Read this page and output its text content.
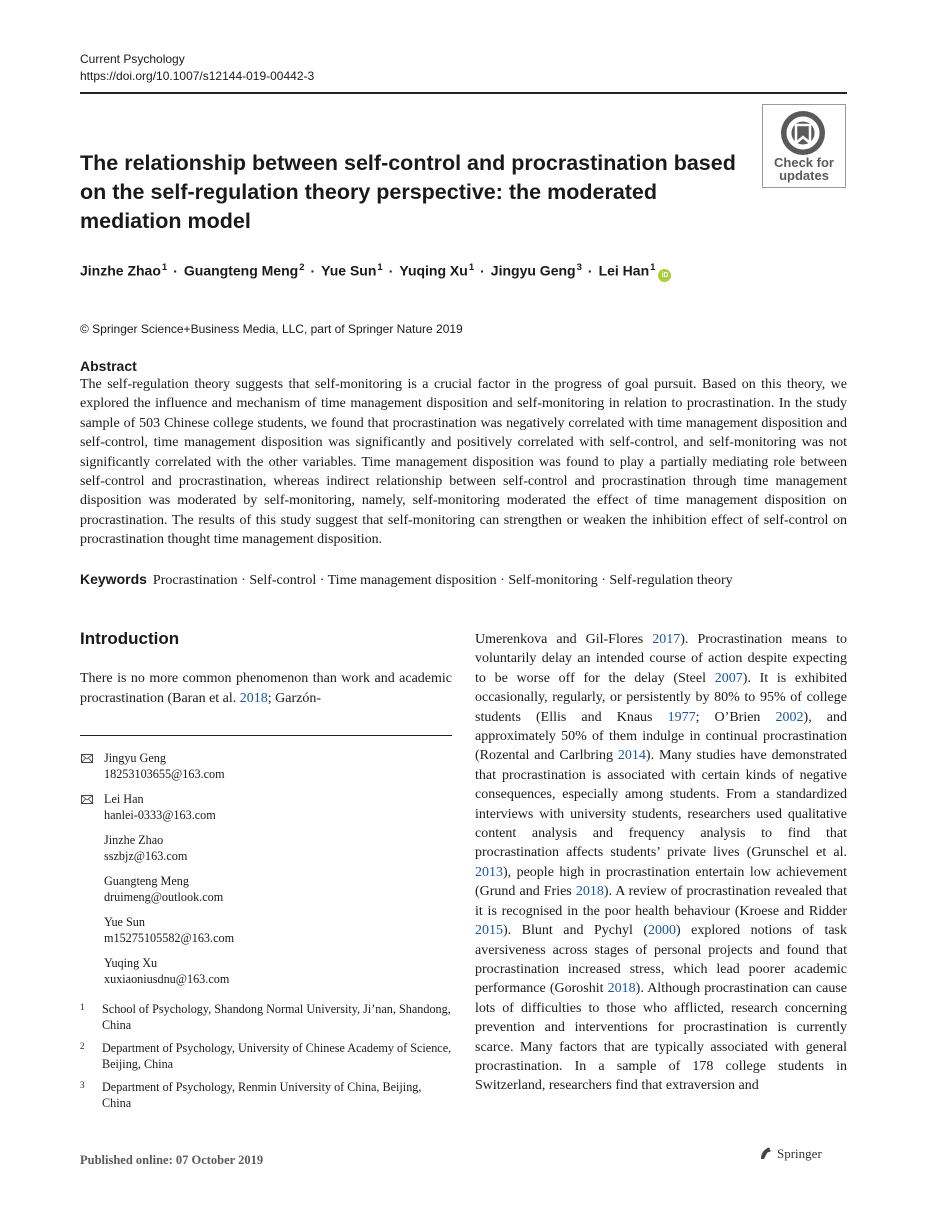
Current Psychology
https://doi.org/10.1007/s12144-019-00442-3
Check for updates
The relationship between self-control and procrastination based on the self-regulation theory perspective: the moderated mediation model
Jinzhe Zhao$^1$ · Guangteng Meng$^2$ · Yue Sun$^1$ · Yuqing $Xu^1$ · Jingyu Geng$^3$ · Lei Han$^1$iD
© Springer Science+Business Media, LLC, part of Springer Nature 2019
Abstract
The self-regulation theory suggests that self-monitoring is a crucial factor in the progress of goal pursuit. Based on this theory, we explored the influence and mechanism of time management disposition and self-monitoring in relation to procrastination. In the study sample of 503 Chinese college students, we found that procrastination was negatively correlated with time management disposition and self-control, time management disposition was significantly and positively correlated with self-control, and self-monitoring was not significantly correlated with the other variables. Time management disposition was found to play a partially mediating role between self-control and procrastination, whereas indirect relationship between self-control and procrastination through time management disposition was moderated by self-monitoring, namely, self-monitoring moderated the effect of time management disposition on procrastination. The results of this study suggest that self-monitoring can strengthen or weaken the inhibition effect of self-control on procrastination thought time management disposition.
Keywords Procrastination · Self-control · Time management disposition · Self-monitoring · Self-regulation theory
Introduction
There is no more common phenomenon than work and academic procrastination (Baran et al. 2018; Garzón-
Jingyu Geng
18253103655@163.com
Lei Han
hanlei-0333@163.com
Jinzhe Zhao
sszbjz@163.com
Guangteng Meng
druimeng@outlook.com
Yue Sun
m15275105582@163.com
Yuqing Xu
xuxiaoniusdnu@163.com
1 School of Psychology, Shandong Normal University, Ji’nan, Shandong, China
2 Department of Psychology, University of Chinese Academy of Science, Beijing, China
3 Department of Psychology, Renmin University of China, Beijing, China
Umerenkova and Gil-Flores 2017). Procrastination means to voluntarily delay an intended course of action despite expecting to be worse off for the delay (Steel 2007). It is exhibited occasionally, regularly, or persistently by 80% to 95% of college students (Ellis and Knaus 1977; O’Brien 2002), and approximately 50% of them indulge in continual procrastination (Rozental and Carlbring 2014). Many studies have demonstrated that procrastination is associated with certain kinds of negative consequences, especially among students. From a standardized interviews with university students, researchers used qualitative content analysis and frequency analysis to find that procrastination affects students’ private lives (Grunschel et al. 2013), people high in procrastination entertain low achievement (Grund and Fries 2018). A review of procrastination revealed that it is recognised in the poor health behaviour (Kroese and Ridder 2015). Blunt and Pychyl (2000) explored notions of task aversiveness across stages of personal projects and found that procrastination increased stress, which lead poorer academic performance (Goroshit 2018). Although procrastination can cause lots of difficulties to those who afflicted, research concerning prevention and interventions for procrastination is currently scarce. Many factors that are typically associated with general procrastination. In a sample of 178 college students in Switzerland, researchers find that extraversion and
Published online: 07 October 2019	Springer
